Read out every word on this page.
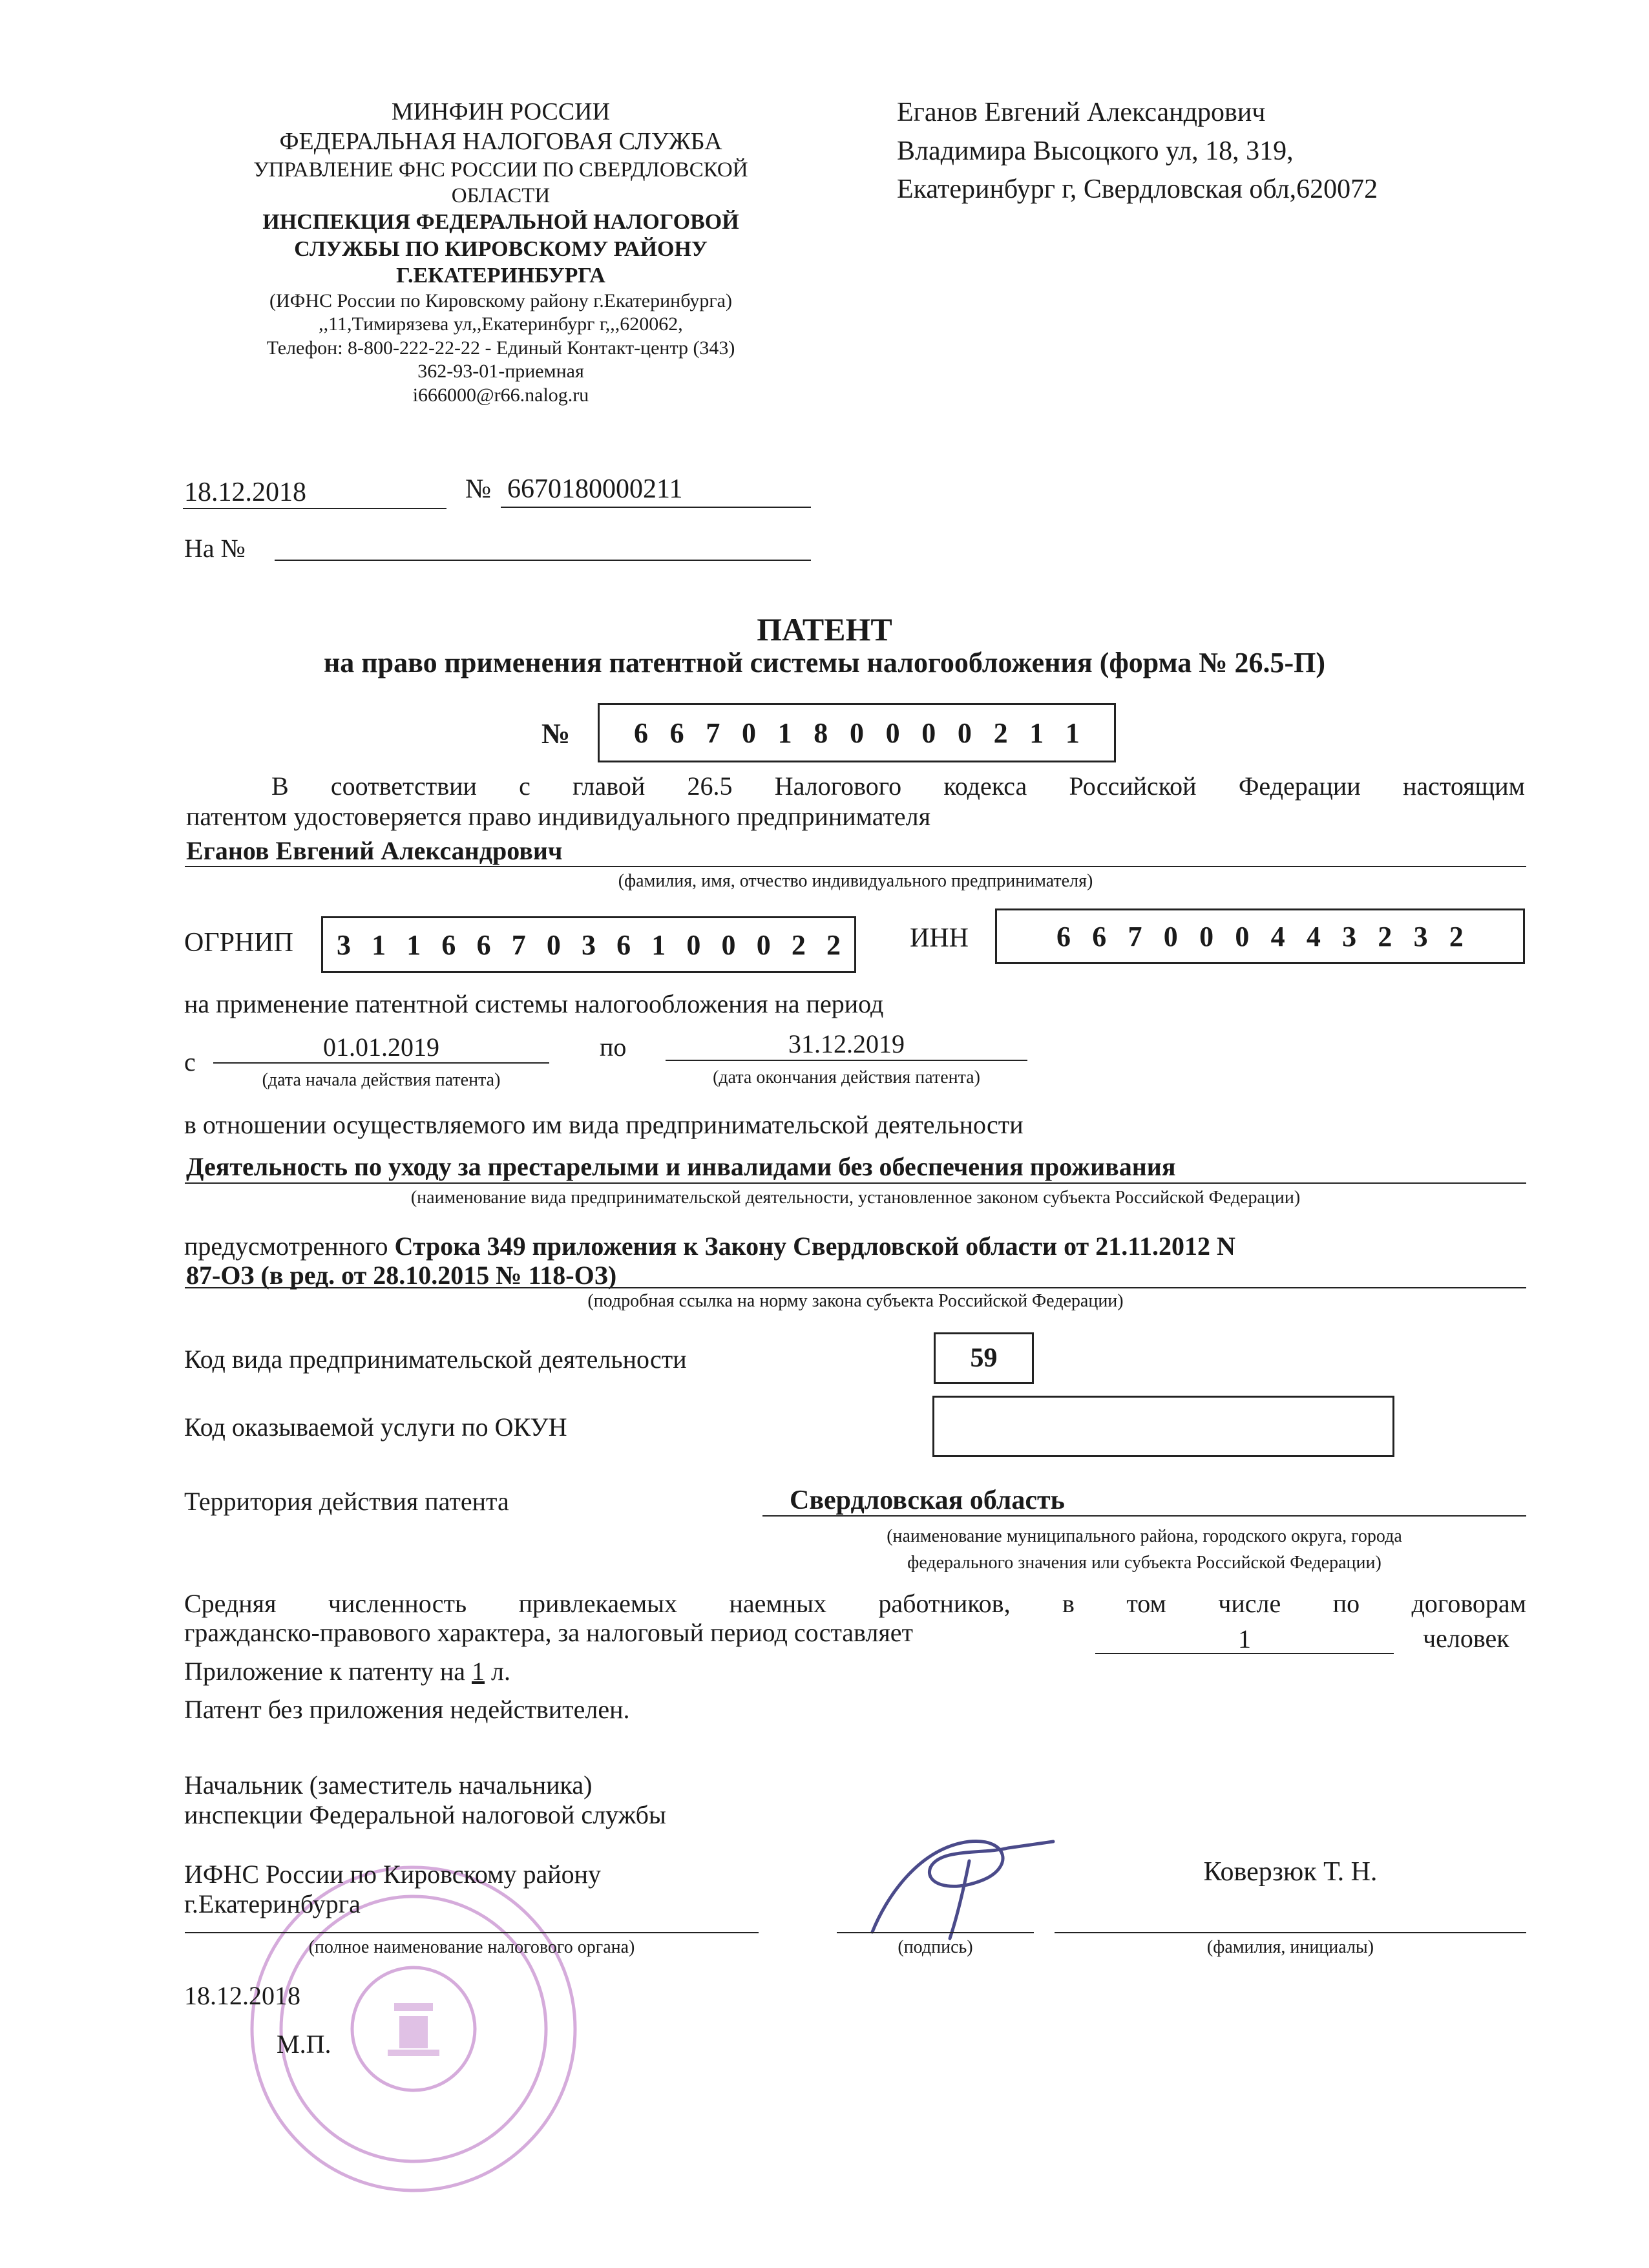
МИНФИН РОССИИ
ФЕДЕРАЛЬНАЯ НАЛОГОВАЯ СЛУЖБА
УПРАВЛЕНИЕ ФНС РОССИИ ПО СВЕРДЛОВСКОЙ
ОБЛАСТИ
ИНСПЕКЦИЯ ФЕДЕРАЛЬНОЙ НАЛОГОВОЙ
СЛУЖБЫ ПО КИРОВСКОМУ РАЙОНУ
Г.ЕКАТЕРИНБУРГА
(ИФНС России по Кировскому району г.Екатеринбурга)
,,11,Тимирязева ул,,Екатеринбург г,,,620062,
Телефон: 8-800-222-22-22 - Единый Контакт-центр (343)
362-93-01-приемная
i666000@r66.nalog.ru
Еганов Евгений Александрович
Владимира Высоцкого ул, 18, 319,
Екатеринбург г, Свердловская обл,620072
18.12.2018	№ 6670180000211
На №
ПАТЕНТ
на право применения патентной системы налогообложения (форма № 26.5-П)
№ 6 6 7 0 1 8 0 0 0 0 2 1 1
В соответствии с главой 26.5 Налогового кодекса Российской Федерации настоящим
патентом удостоверяется право индивидуального предпринимателя
Еганов Евгений Александрович
(фамилия, имя, отчество индивидуального предпринимателя)
ОГРНИП 3 1 1 6 6 7 0 3 6 1 0 0 0 2 2	ИНН	6 6 7 0 0 0 4 4 3 2 3 2
на применение патентной системы налогообложения на период
с
01.01.2019
(дата начала действия патента)
по	31.12.2019
(дата окончания действия патента)
в отношении осуществляемого им вида предпринимательской деятельности
Деятельность по уходу за престарелыми и инвалидами без обеспечения проживания
(наименование вида предпринимательской деятельности, установленное законом субъекта Российской Федерации)
предусмотренного Строка 349 приложения к Закону Свердловской области от 21.11.2012 N
87-ОЗ (в ред. от 28.10.2015 № 118-ОЗ)
(подробная ссылка на норму закона субъекта Российской Федерации)
Код вида предпринимательской деятельности	59
Код оказываемой услуги по ОКУН
Территория действия патента	Свердловская область
(наименование муниципального района, городского округа, города
федерального значения или субъекта Российской Федерации)
Средняя численность привлекаемых наемных работников, в том числе по договорам
гражданско-правового характера, за налоговый период составляет	1	человек
Приложение к патенту на 1 л.
Патент без приложения недействителен.
Начальник (заместитель начальника)
инспекции Федеральной налоговой службы
ИФНС России по Кировскому району
г.Екатеринбурга
(полное наименование налогового органа)	(подпись)
Коверзюк Т. Н.
(фамилия, инициалы)
18.12.2018
М.П.
